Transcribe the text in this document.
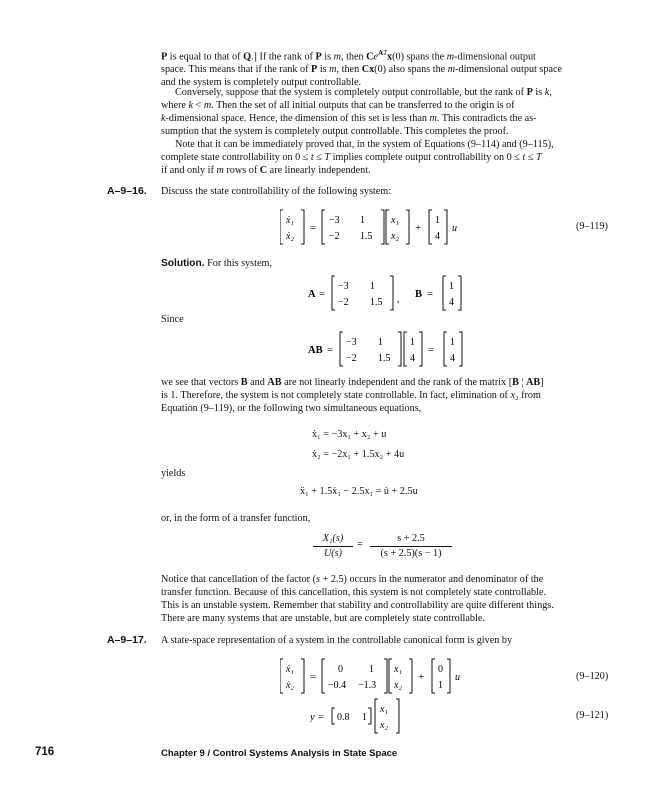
P is equal to that of Q.] If the rank of P is m, then $Ce^{AT}x(0)$ spans the m-dimensional output
space. This means that if the rank of P is m, then Cx(0) also spans the m-dimensional output space
and the system is completely output controllable.

Conversely, suppose that the system is completely output controllable, but the rank of P is k,
where k < m. Then the set of all initial outputs that can be transferred to the origin is of
k-dimensional space. Hence, the dimension of this set is less than m. This contradicts the as-
sumption that the system is completely output controllable. This completes the proof.

Note that it can be immediately proved that, in the system of Equations (9–114) and (9–115),
complete state controllability on 0 ≤ t ≤ T implies complete output controllability on 0 ≤ t ≤ T
if and only if m rows of C are linearly independent.

A–9–16. Discuss the state controllability of the following system:
ẋ₁
ẋ₂
=
−3 1
−2 1.5
x₁
x₂
+
1
4
u	(9–119)
Solution. For this system,
A =
−3 1
−2 1.5 , B =
1
4
Since
AB =
−3 1
−2 1.5
1
4
=
1
4

we see that vectors B and AB are not linearly independent and the rank of the matrix [B ¦ AB]
is 1. Therefore, the system is not completely state controllable. In fact, elimination of x₂ from
Equation (9–119), or the following two simultaneous equations,

ẋ₁ = −3x₁ + x₂ + u
ẋ₂ = −2x₁ + 1.5x₂ + 4u
yields
ẍ₁ + 1.5ẋ₁ − 2.5x₁ = u̇ + 2.5u
or, in the form of a transfer function,
X₁(s)
U(s)
=
s + 2.5
(s + 2.5)(s − 1)

Notice that cancellation of the factor (s + 2.5) occurs in the numerator and denominator of the
transfer function. Because of this cancellation, this system is not completely state controllable.
This is an unstable system. Remember that stability and controllability are quite different things.
There are many systems that are unstable, but are completely state controllable.

A–9–17. A state-space representation of a system in the controllable canonical form is given by
ẋ₁
ẋ₂
=
0	1
−0.4 −1.3
x₁
x₂
+
0
1
u	(9–120)
y = 0.8 1
x₁
x₂
(9–121)
716	Chapter 9 / Control Systems Analysis in State Space
